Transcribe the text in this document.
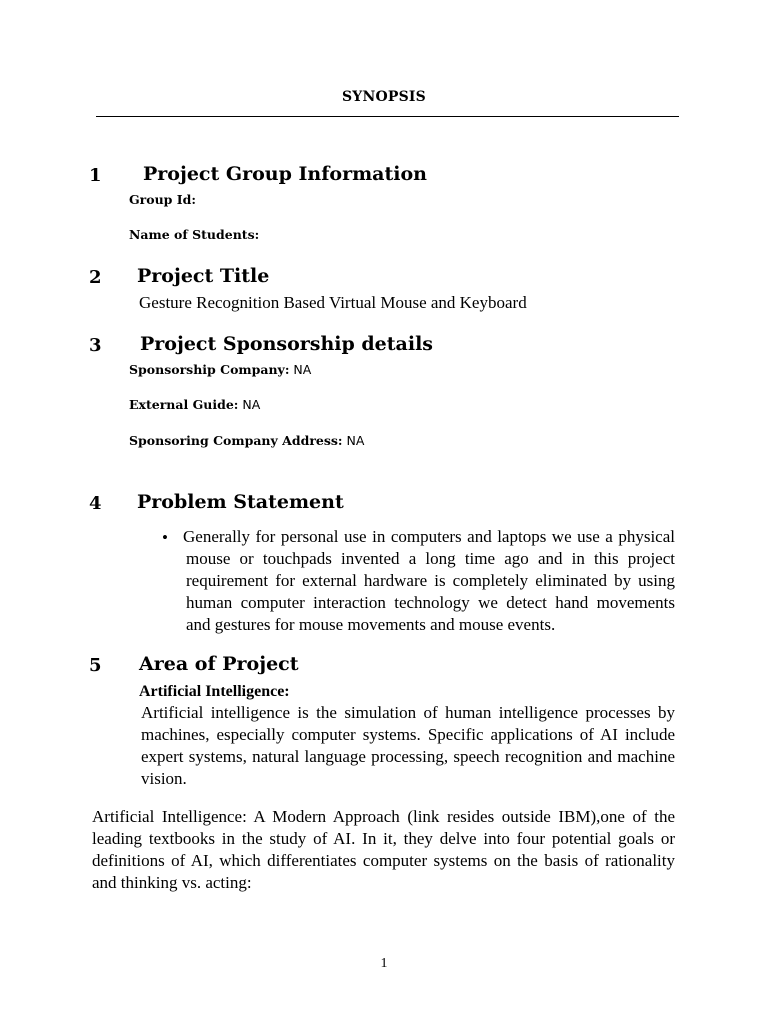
SYNOPSIS
1 Project Group Information
Group Id:
Name of Students:
2 Project Title
Gesture Recognition Based Virtual Mouse and Keyboard
3 Project Sponsorship details
Sponsorship Company: NA
External Guide: NA
Sponsoring Company Address: NA
4 Problem Statement
• Generally for personal use in computers and laptops we use a physical mouse or touchpads invented a long time ago and in this project requirement for external hardware is completely eliminated by using human computer interaction technology we detect hand movements and gestures for mouse movements and mouse events.
5 Area of Project
Artificial Intelligence:
Artificial intelligence is the simulation of human intelligence processes by machines, especially computer systems. Specific applications of AI include expert systems, natural language processing, speech recognition and machine vision.
Artificial Intelligence: A Modern Approach (link resides outside IBM),one of the leading textbooks in the study of AI. In it, they delve into four potential goals or definitions of AI, which differentiates computer systems on the basis of rationality and thinking vs. acting:
1
